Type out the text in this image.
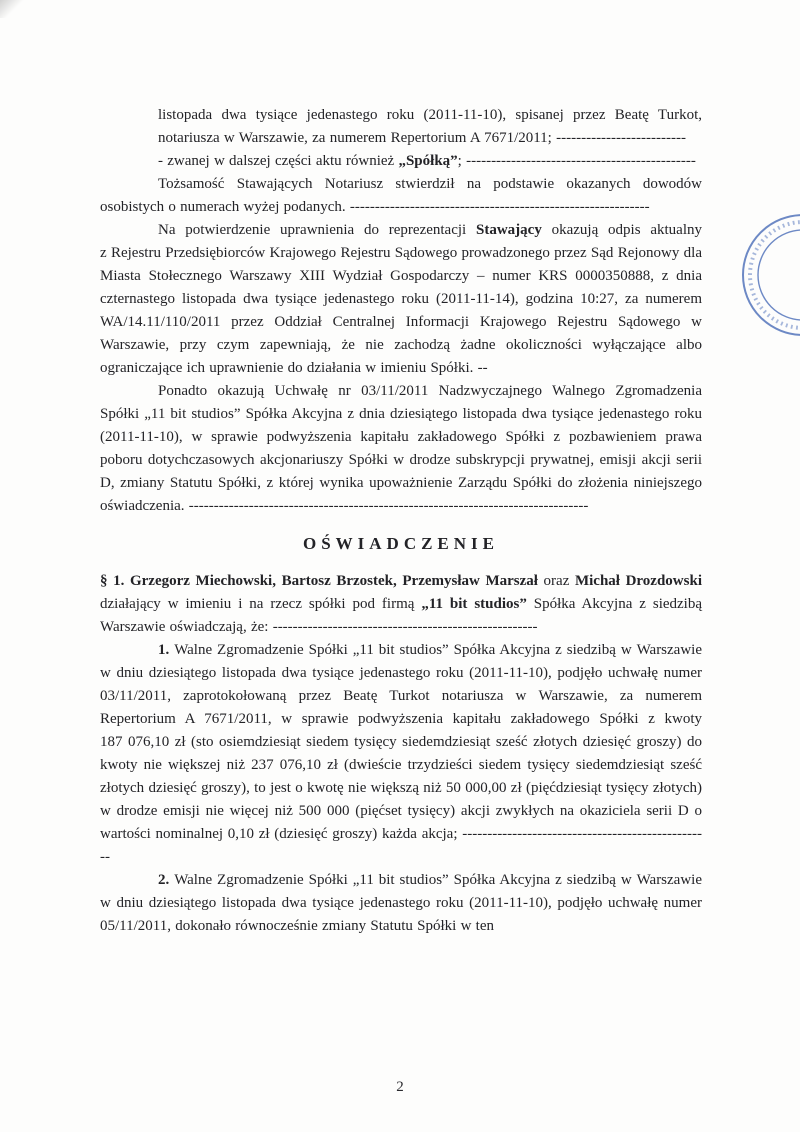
listopada dwa tysiące jedenastego roku (2011-11-10), spisanej przez Beatę Turkot, notariusza w Warszawie, za numerem Repertorium A 7671/2011; --------------------------

- zwanej w dalszej części aktu również „Spółką”; ----------------------------------------------

Tożsamość Stawających Notariusz stwierdził na podstawie okazanych dowodów osobistych o numerach wyżej podanych. ------------------------------------------------------------

Na potwierdzenie uprawnienia do reprezentacji Stawający okazują odpis aktualny z Rejestru Przedsiębiorców Krajowego Rejestru Sądowego prowadzonego przez Sąd Rejonowy dla Miasta Stołecznego Warszawy XIII Wydział Gospodarczy – numer KRS 0000350888, z dnia czternastego listopada dwa tysiące jedenastego roku (2011-11-14), godzina 10:27, za numerem WA/14.11/110/2011 przez Oddział Centralnej Informacji Krajowego Rejestru Sądowego w Warszawie, przy czym zapewniają, że nie zachodzą żadne okoliczności wyłączające albo ograniczające ich uprawnienie do działania w imieniu Spółki. --

Ponadto okazują Uchwałę nr 03/11/2011 Nadzwyczajnego Walnego Zgromadzenia Spółki „11 bit studios” Spółka Akcyjna z dnia dziesiątego listopada dwa tysiące jedenastego roku (2011-11-10), w sprawie podwyższenia kapitału zakładowego Spółki z pozbawieniem prawa poboru dotychczasowych akcjonariuszy Spółki w drodze subskrypcji prywatnej, emisji akcji serii D, zmiany Statutu Spółki, z której wynika upoważnienie Zarządu Spółki do złożenia niniejszego oświadczenia. --------------------------------------------------------------------------------

OŚWIADCZENIE

§ 1. Grzegorz Miechowski, Bartosz Brzostek, Przemysław Marszał oraz Michał Drozdowski działający w imieniu i na rzecz spółki pod firmą „11 bit studios” Spółka Akcyjna z siedzibą Warszawie oświadczają, że: -----------------------------------------------------

1. Walne Zgromadzenie Spółki „11 bit studios” Spółka Akcyjna z siedzibą w Warszawie w dniu dziesiątego listopada dwa tysiące jedenastego roku (2011-11-10), podjęło uchwałę numer 03/11/2011, zaprotokołowaną przez Beatę Turkot notariusza w Warszawie, za numerem Repertorium A 7671/2011, w sprawie podwyższenia kapitału zakładowego Spółki z kwoty 187 076,10 zł (sto osiemdziesiąt siedem tysięcy siedemdziesiąt sześć złotych dziesięć groszy) do kwoty nie większej niż 237 076,10 zł (dwieście trzydzieści siedem tysięcy siedemdziesiąt sześć złotych dziesięć groszy), to jest o kwotę nie większą niż 50 000,00 zł (pięćdziesiąt tysięcy złotych) w drodze emisji nie więcej niż 500 000 (pięćset tysięcy) akcji zwykłych na okaziciela serii D o wartości nominalnej 0,10 zł (dziesięć groszy) każda akcja; --------------------------------------------------

2. Walne Zgromadzenie Spółki „11 bit studios” Spółka Akcyjna z siedzibą w Warszawie w dniu dziesiątego listopada dwa tysiące jedenastego roku (2011-11-10), podjęło uchwałę numer 05/11/2011, dokonało równocześnie zmiany Statutu Spółki w ten

2
